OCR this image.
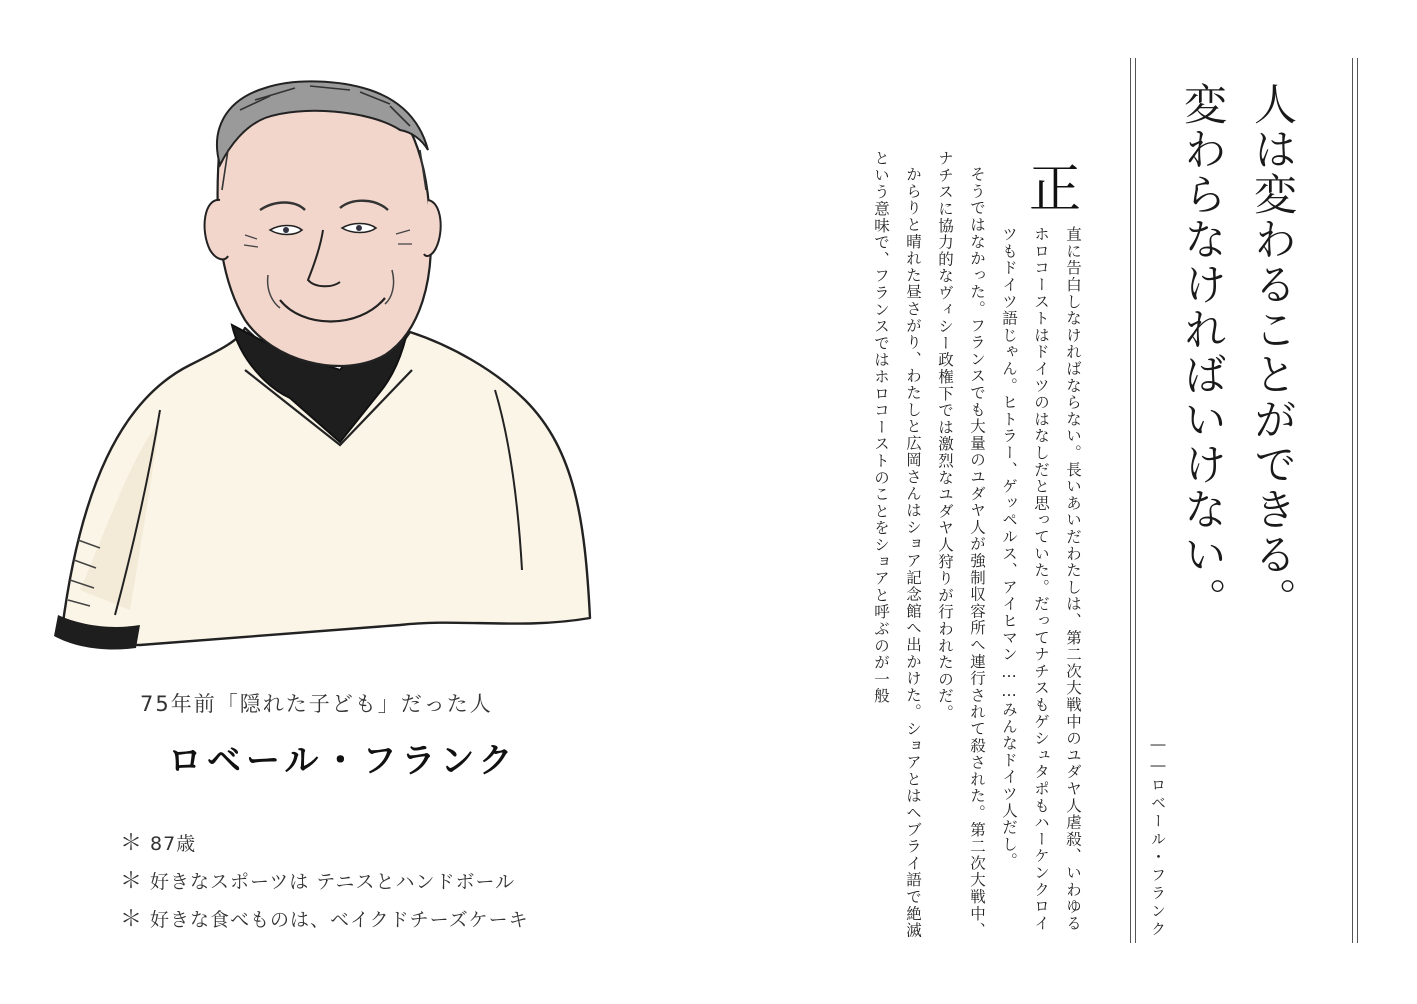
75年前「隠れた子ども」だった人
ロベール・フランク
＊ 87歳
＊ 好きなスポーツは テニスとハンドボール
＊ 好きな食べものは、ベイクドチーズケーキ
人は変わることができる。
変わらなければいけない。
――ロベール・フランク
正

直に告白しなければならない。長いあいだわたしは、第二次大戦中のユダヤ人虐殺、いわゆるホロコーストはドイツのはなしだと思っていた。だってナチスもゲシュタポもハーケンクロイツもドイツ語じゃん。ヒトラー、ゲッペルス、アイヒマン……みんなドイツ人だし。

そうではなかった。フランスでも大量のユダヤ人が強制収容所へ連行されて殺された。第二次大戦中、ナチスに協力的なヴィシー政権下では激烈なユダヤ人狩りが行われたのだ。

からりと晴れた昼さがり、わたしと広岡さんはショア記念館へ出かけた。ショアとはヘブライ語で絶滅という意味で、フランスではホロコーストのことをショアと呼ぶのが一般
